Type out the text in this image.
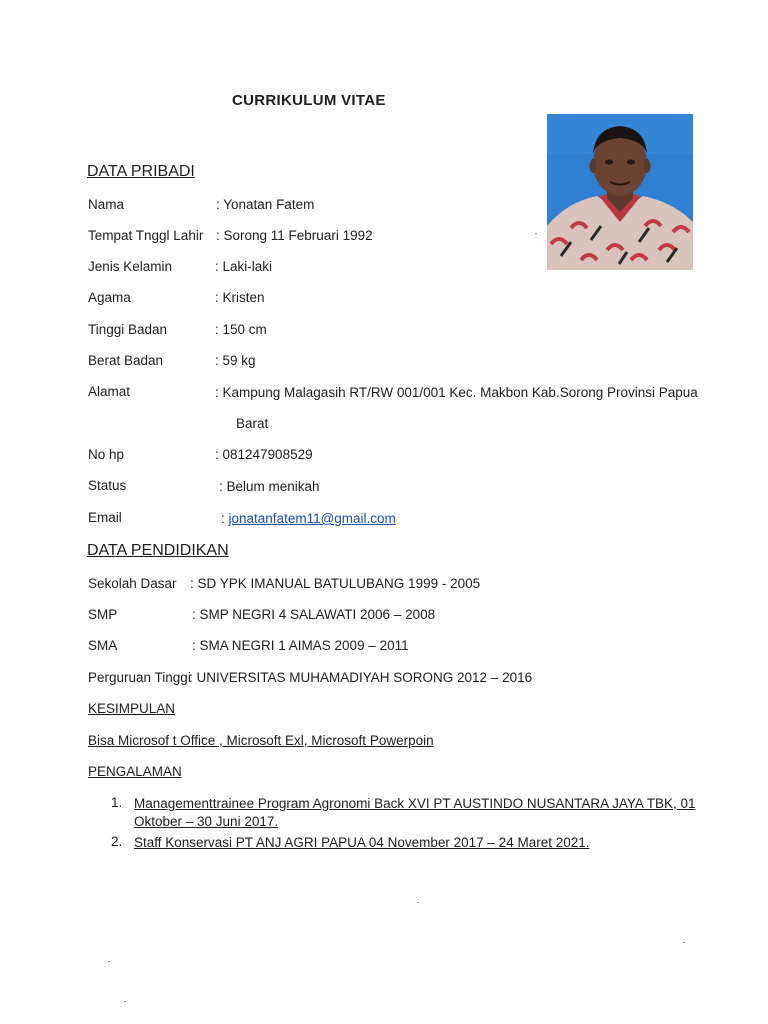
CURRIKULUM VITAE
DATA PRIBADI
Nama	: Yonatan Fatem
Tempat Tnggl Lahir : Sorong 11 Februari 1992
Jenis Kelamin	: Laki-laki
Agama	: Kristen
Tinggi Badan	: 150 cm
Berat Badan	: 59 kg
Alamat	: Kampung Malagasih RT/RW 001/001 Kec. Makbon Kab.Sorong Provinsi Papua
Barat
No hp	: 081247908529
Status	: Belum menikah
Email	: jonatanfatem11@gmail.com
DATA PENDIDIKAN
Sekolah Dasar : SD YPK IMANUAL BATULUBANG 1999 - 2005
SMP	: SMP NEGRI 4 SALAWATI 2006 – 2008
SMA	: SMA NEGRI 1 AIMAS 2009 – 2011
Perguruan Tinggi
: UNIVERSITAS MUHAMADIYAH SORONG 2012 – 2016
KESIMPULAN
Bisa Microsof t Office , Microsoft Exl, Microsoft Powerpoin
PENGALAMAN
1. Managementtrainee Program Agronomi Back XVI PT AUSTINDO NUSANTARA JAYA TBK, 01
Oktober – 30 Juni 2017.
2. Staff Konservasi PT ANJ AGRI PAPUA 04 November 2017 – 24 Maret 2021.
